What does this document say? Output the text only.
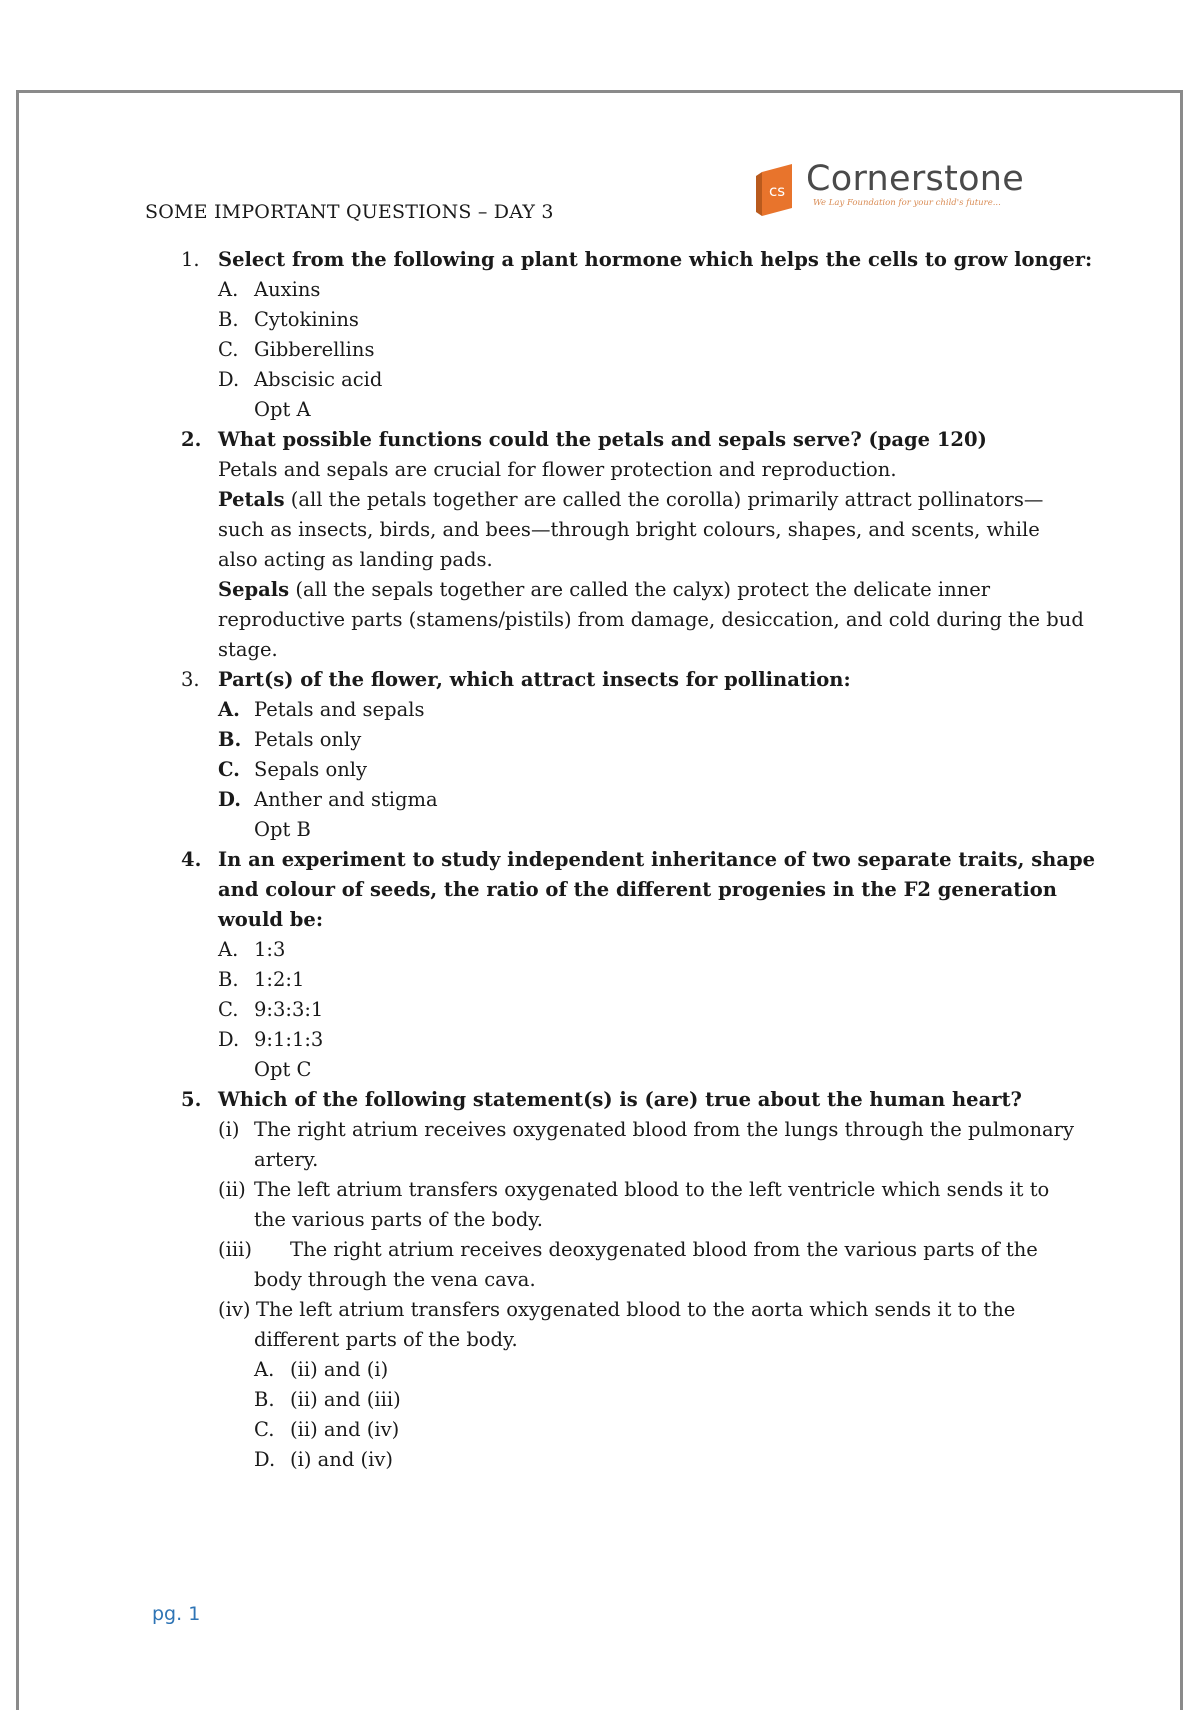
cs Cornerstone
We Lay Foundation for your child's future...
SOME IMPORTANT QUESTIONS – DAY 3
1. Select from the following a plant hormone which helps the cells to grow longer:
A. Auxins
B. Cytokinins
C. Gibberellins
D. Abscisic acid
Opt A
2. What possible functions could the petals and sepals serve? (page 120)
Petals and sepals are crucial for flower protection and reproduction.
Petals (all the petals together are called the corolla) primarily attract pollinators—
such as insects, birds, and bees—through bright colours, shapes, and scents, while
also acting as landing pads.
Sepals (all the sepals together are called the calyx) protect the delicate inner
reproductive parts (stamens/pistils) from damage, desiccation, and cold during the bud
stage.
3. Part(s) of the flower, which attract insects for pollination:
A. Petals and sepals
B. Petals only
C. Sepals only
D. Anther and stigma
Opt B
4. In an experiment to study independent inheritance of two separate traits, shape
and colour of seeds, the ratio of the different progenies in the F2 generation
would be:
A. 1:3
B. 1:2:1
C. 9:3:3:1
D. 9:1:1:3
Opt C
5. Which of the following statement(s) is (are) true about the human heart?
(i) The right atrium receives oxygenated blood from the lungs through the pulmonary
artery.
(ii) The left atrium transfers oxygenated blood to the left ventricle which sends it to
the various parts of the body.
(iii) The right atrium receives deoxygenated blood from the various parts of the
body through the vena cava.
(iv) The left atrium transfers oxygenated blood to the aorta which sends it to the
different parts of the body.
A. (ii) and (i)
B. (ii) and (iii)
C. (ii) and (iv)
D. (i) and (iv)
pg. 1
